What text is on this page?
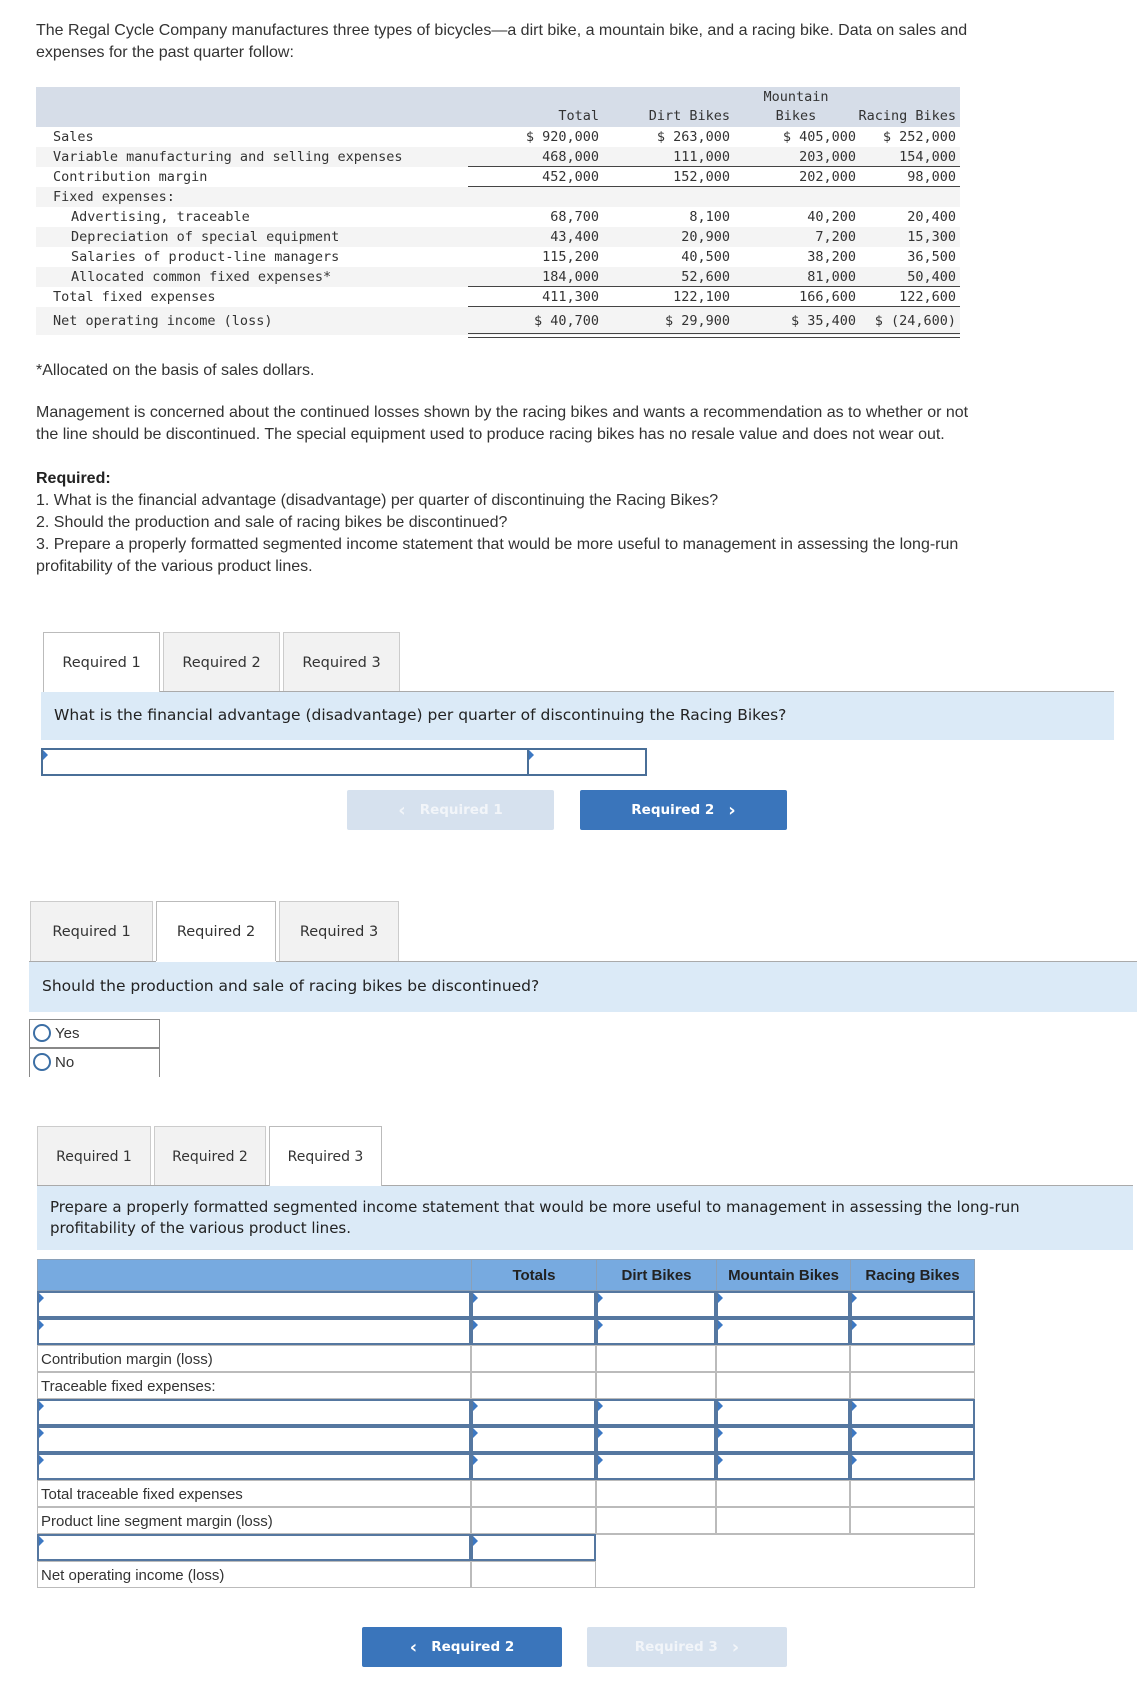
The Regal Cycle Company manufactures three types of bicycles—a dirt bike, a mountain bike, and a racing bike. Data on sales and
expenses for the past quarter follow:
Total	Dirt Bikes
Mountain
Bikes	Racing Bikes
Sales	$ 920,000	$ 263,000	$ 405,000	$ 252,000
Variable manufacturing and selling expenses	468,000	111,000	203,000	154,000
Contribution margin	452,000	152,000	202,000	98,000
Fixed expenses:
Advertising, traceable	68,700	8,100	40,200	20,400
Depreciation of special equipment	43,400	20,900	7,200	15,300
Salaries of product-line managers	115,200	40,500	38,200	36,500
Allocated common fixed expenses*	184,000	52,600	81,000	50,400
Total fixed expenses	411,300	122,100	166,600	122,600
Net operating income (loss)	$ 40,700	$ 29,900	$ 35,400	$ (24,600)
*Allocated on the basis of sales dollars.
Management is concerned about the continued losses shown by the racing bikes and wants a recommendation as to whether or not
the line should be discontinued. The special equipment used to produce racing bikes has no resale value and does not wear out.
Required:
1. What is the financial advantage (disadvantage) per quarter of discontinuing the Racing Bikes?
2. Should the production and sale of racing bikes be discontinued?
3. Prepare a properly formatted segmented income statement that would be more useful to management in assessing the long-run
profitability of the various product lines.
Required 1	Required 2	Required 3
What is the financial advantage (disadvantage) per quarter of discontinuing the Racing Bikes?
‹ Required 1	Required 2 ›
Required 1	Required 2	Required 3
Should the production and sale of racing bikes be discontinued?
Yes
No
Required 1	Required 2	Required 3
Prepare a properly formatted segmented income statement that would be more useful to management in assessing the long-run
profitability of the various product lines.
Totals	Dirt Bikes	Mountain Bikes	Racing Bikes
Contribution margin (loss)
Traceable fixed expenses:
Total traceable fixed expenses
Product line segment margin (loss)
Net operating income (loss)
‹ Required 2	Required 3 ›
